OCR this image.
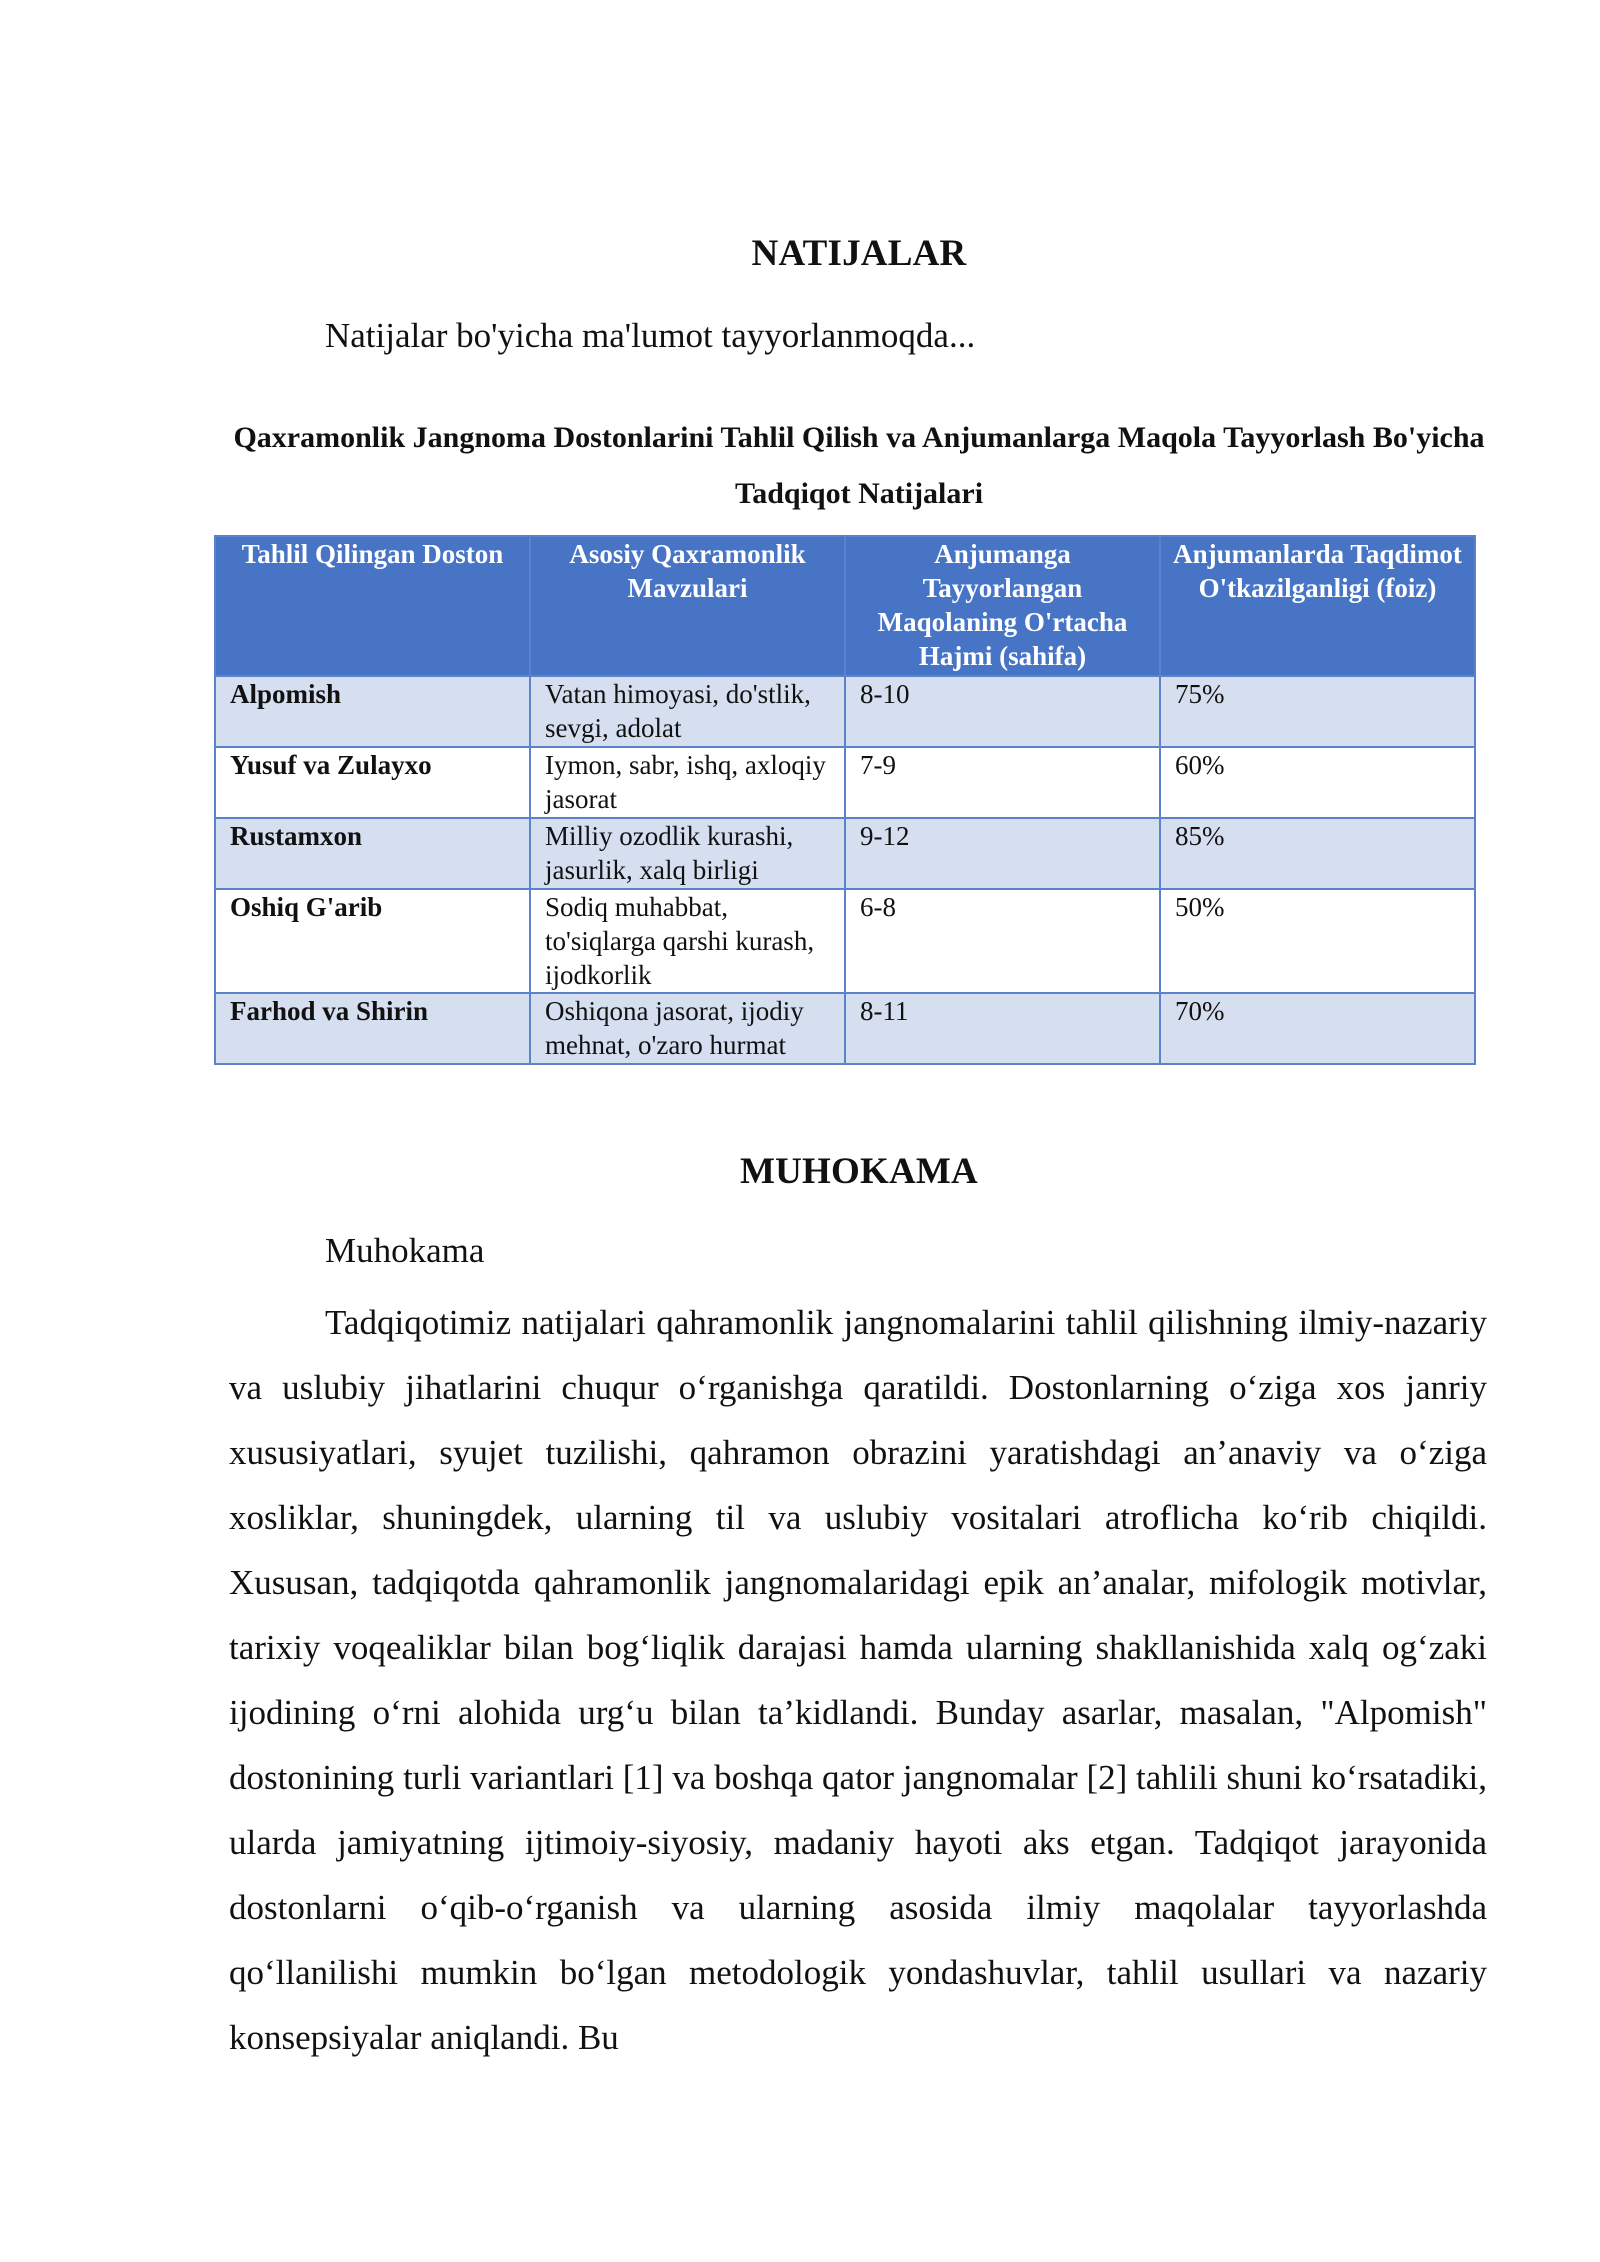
NATIJALAR
Natijalar bo'yicha ma'lumot tayyorlanmoqda...
Qaxramonlik Jangnoma Dostonlarini Tahlil Qilish va Anjumanlarga Maqola Tayyorlash Bo'yicha Tadqiqot Natijalari
Tahlil Qilingan Doston	Asosiy Qaxramonlik Mavzulari	Anjumanga Tayyorlangan Maqolaning O'rtacha Hajmi (sahifa)	Anjumanlarda Taqdimot O'tkazilganligi (foiz)
Alpomish	Vatan himoyasi, do'stlik, sevgi, adolat	8-10	75%
Yusuf va Zulayxo	Iymon, sabr, ishq, axloqiy jasorat	7-9	60%
Rustamxon	Milliy ozodlik kurashi, jasurlik, xalq birligi	9-12	85%
Oshiq G'arib	Sodiq muhabbat, to'siqlarga qarshi kurash, ijodkorlik	6-8	50%
Farhod va Shirin	Oshiqona jasorat, ijodiy mehnat, o'zaro hurmat	8-11	70%
MUHOKAMA
Muhokama

Tadqiqotimiz natijalari qahramonlik jangnomalarini tahlil qilishning ilmiy-nazariy va uslubiy jihatlarini chuqur o‘rganishga qaratildi. Dostonlarning o‘ziga xos janriy xususiyatlari, syujet tuzilishi, qahramon obrazini yaratishdagi an’anaviy va o‘ziga xosliklar, shuningdek, ularning til va uslubiy vositalari atroflicha ko‘rib chiqildi. Xususan, tadqiqotda qahramonlik jangnomalaridagi epik an’analar, mifologik motivlar, tarixiy voqealiklar bilan bog‘liqlik darajasi hamda ularning shakllanishida xalq og‘zaki ijodining o‘rni alohida urg‘u bilan ta’kidlandi. Bunday asarlar, masalan, "Alpomish" dostonining turli variantlari [1] va boshqa qator jangnomalar [2] tahlili shuni ko‘rsatadiki, ularda jamiyatning ijtimoiy-siyosiy, madaniy hayoti aks etgan. Tadqiqot jarayonida dostonlarni o‘qib-o‘rganish va ularning asosida ilmiy maqolalar tayyorlashda qo‘llanilishi mumkin bo‘lgan metodologik yondashuvlar, tahlil usullari va nazariy konsepsiyalar aniqlandi. Bu
